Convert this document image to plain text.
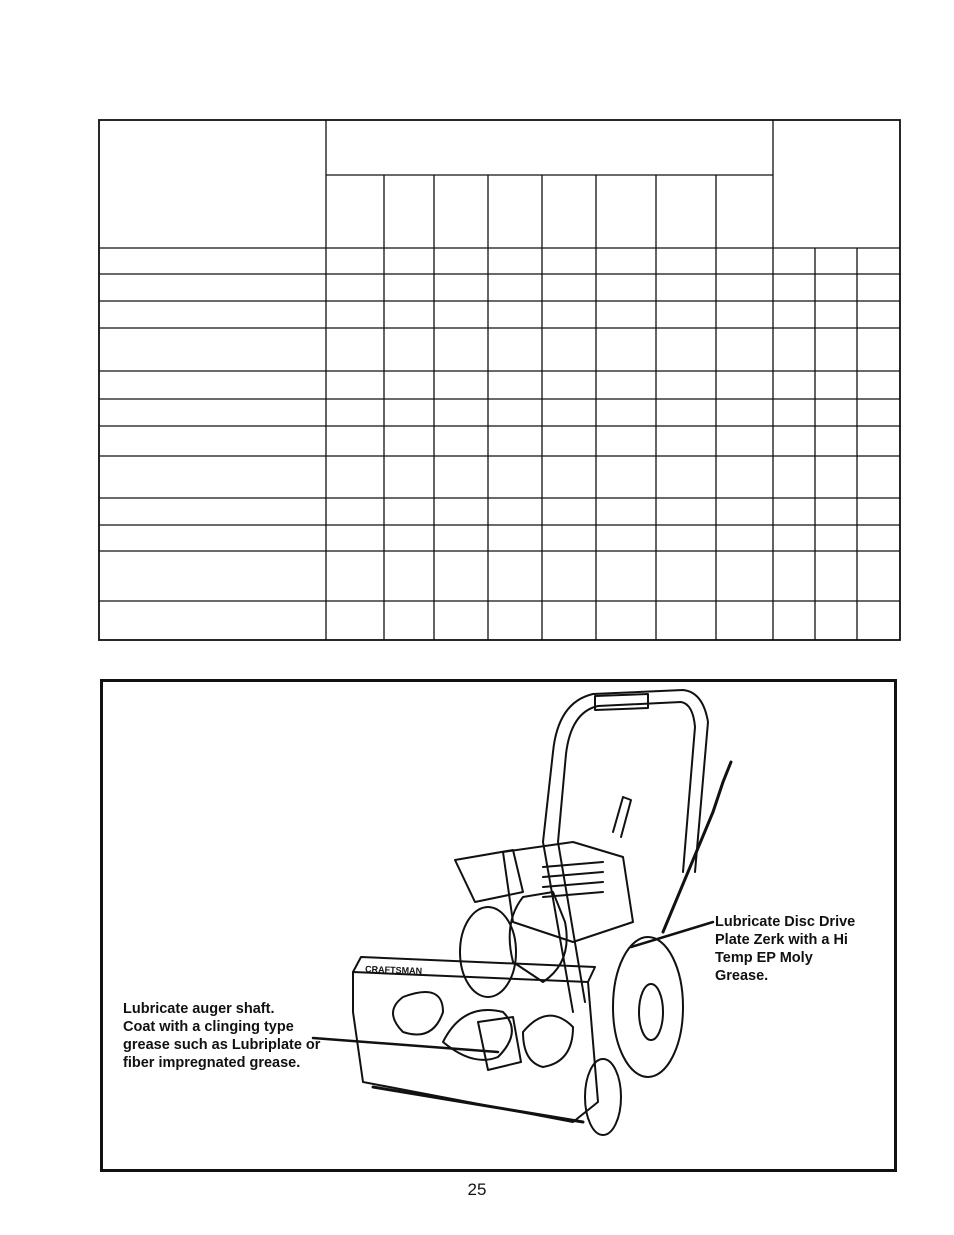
CRAFTSMAN
Lubricate auger shaft.
Coat with a clinging type
grease such as Lubriplate or
fiber impregnated grease.
Lubricate Disc Drive
Plate Zerk with a Hi
Temp EP Moly
Grease.
25
